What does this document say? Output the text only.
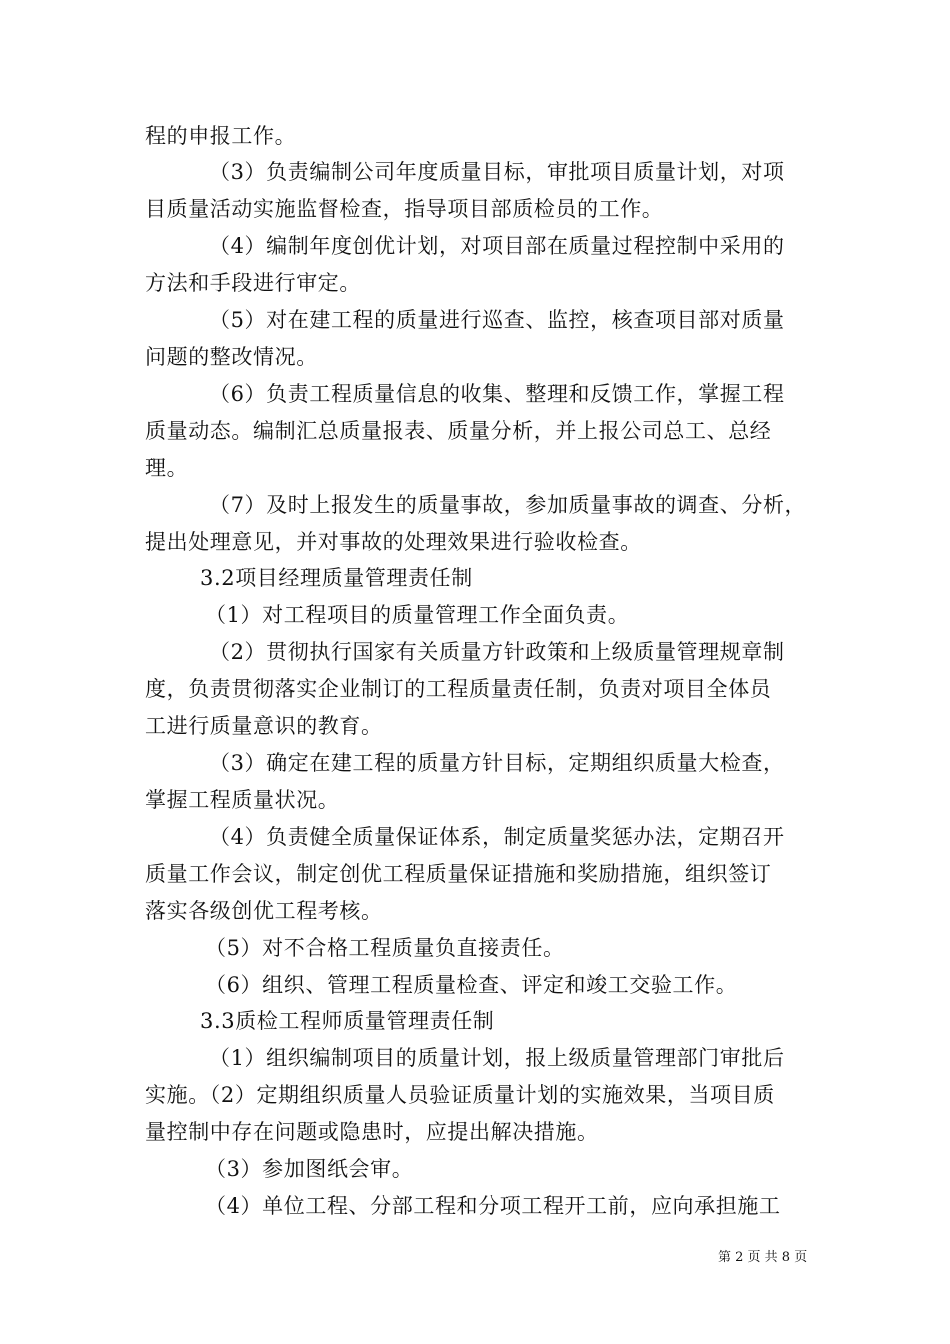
程的申报工作。
（3）负责编制公司年度质量目标，审批项目质量计划，对项
目质量活动实施监督检查，指导项目部质检员的工作。
（4）编制年度创优计划，对项目部在质量过程控制中采用的
方法和手段进行审定。
（5）对在建工程的质量进行巡查、监控，核查项目部对质量
问题的整改情况。
（6）负责工程质量信息的收集、整理和反馈工作，掌握工程
质量动态。编制汇总质量报表、质量分析，并上报公司总工、总经
理。
（7）及时上报发生的质量事故，参加质量事故的调查、分析，
提出处理意见，并对事故的处理效果进行验收检查。
3.2项目经理质量管理责任制
（1）对工程项目的质量管理工作全面负责。
（2）贯彻执行国家有关质量方针政策和上级质量管理规章制
度，负责贯彻落实企业制订的工程质量责任制，负责对项目全体员
工进行质量意识的教育。
（3）确定在建工程的质量方针目标，定期组织质量大检查，
掌握工程质量状况。
（4）负责健全质量保证体系，制定质量奖惩办法，定期召开
质量工作会议，制定创优工程质量保证措施和奖励措施，组织签订
落实各级创优工程考核。
（5）对不合格工程质量负直接责任。
（6）组织、管理工程质量检查、评定和竣工交验工作。
3.3质检工程师质量管理责任制
（1）组织编制项目的质量计划，报上级质量管理部门审批后
实施。（2）定期组织质量人员验证质量计划的实施效果，当项目质
量控制中存在问题或隐患时，应提出解决措施。
（3）参加图纸会审。
（4）单位工程、分部工程和分项工程开工前，应向承担施工
第 2 页 共 8 页
